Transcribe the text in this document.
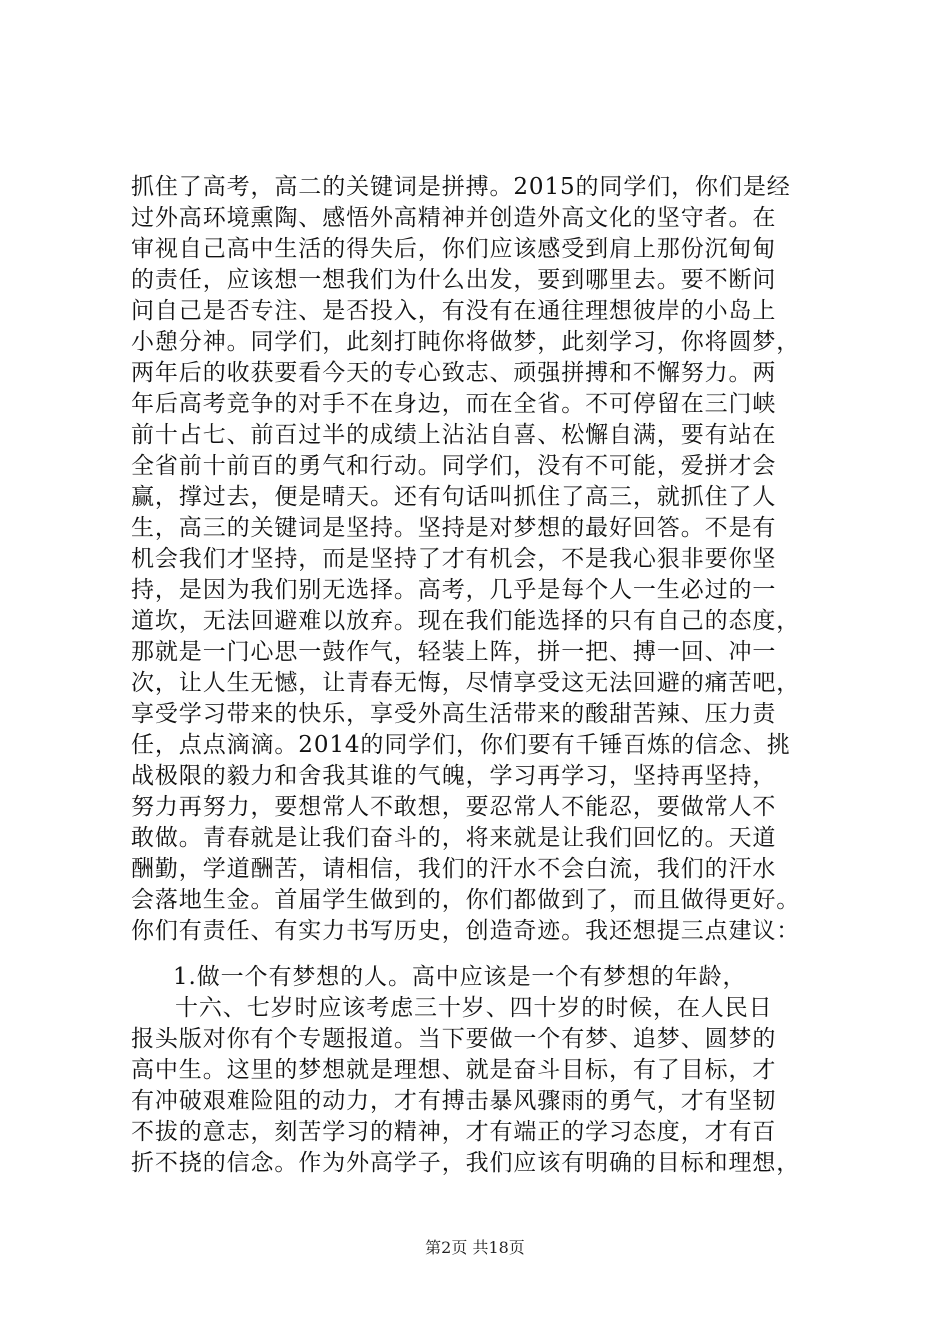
抓住了高考，高二的关键词是拼搏。2015的同学们，你们是经
过外高环境熏陶、感悟外高精神并创造外高文化的坚守者。在
审视自己高中生活的得失后，你们应该感受到肩上那份沉甸甸
的责任，应该想一想我们为什么出发，要到哪里去。要不断问
问自己是否专注、是否投入，有没有在通往理想彼岸的小岛上
小憩分神。同学们，此刻打盹你将做梦，此刻学习，你将圆梦，
两年后的收获要看今天的专心致志、顽强拼搏和不懈努力。两
年后高考竞争的对手不在身边，而在全省。不可停留在三门峡
前十占七、前百过半的成绩上沾沾自喜、松懈自满，要有站在
全省前十前百的勇气和行动。同学们，没有不可能，爱拼才会
赢，撑过去，便是晴天。还有句话叫抓住了高三，就抓住了人
生，高三的关键词是坚持。坚持是对梦想的最好回答。不是有
机会我们才坚持，而是坚持了才有机会，不是我心狠非要你坚
持，是因为我们别无选择。高考，几乎是每个人一生必过的一
道坎，无法回避难以放弃。现在我们能选择的只有自己的态度，
那就是一门心思一鼓作气，轻装上阵，拼一把、搏一回、冲一
次，让人生无憾，让青春无悔，尽情享受这无法回避的痛苦吧，
享受学习带来的快乐，享受外高生活带来的酸甜苦辣、压力责
任，点点滴滴。2014的同学们，你们要有千锤百炼的信念、挑
战极限的毅力和舍我其谁的气魄，学习再学习，坚持再坚持，
努力再努力，要想常人不敢想，要忍常人不能忍，要做常人不
敢做。青春就是让我们奋斗的，将来就是让我们回忆的。天道
酬勤，学道酬苦，请相信，我们的汗水不会白流，我们的汗水
会落地生金。首届学生做到的，你们都做到了，而且做得更好。
你们有责任、有实力书写历史，创造奇迹。我还想提三点建议：
1.做一个有梦想的人。高中应该是一个有梦想的年龄，
十六、七岁时应该考虑三十岁、四十岁的时候，在人民日
报头版对你有个专题报道。当下要做一个有梦、追梦、圆梦的
高中生。这里的梦想就是理想、就是奋斗目标，有了目标，才
有冲破艰难险阻的动力，才有搏击暴风骤雨的勇气，才有坚韧
不拔的意志，刻苦学习的精神，才有端正的学习态度，才有百
折不挠的信念。作为外高学子，我们应该有明确的目标和理想，
第2页 共18页
